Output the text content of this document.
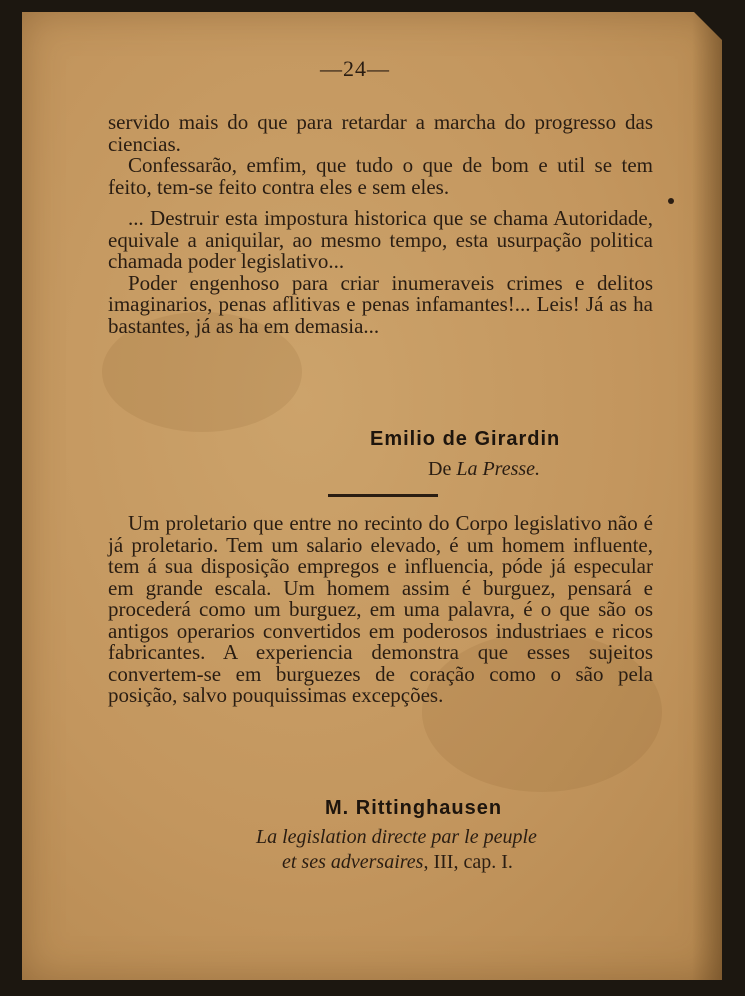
—24—

servido mais do que para retardar a marcha do progresso das ciencias.

Confessarão, emfim, que tudo o que de bom e util se tem feito, tem-se feito contra eles e sem eles.

... Destruir esta impostura historica que se chama Autoridade, equivale a aniquilar, ao mesmo tempo, esta usurpação politica chamada poder legislativo...

Poder engenhoso para criar inumeraveis crimes e delitos imaginarios, penas aflitivas e penas infamantes!... Leis! Já as ha bastantes, já as ha em demasia...

Emilio de Girardin
De La Presse.
Um proletario que entre no recinto do Corpo legislativo não é já proletario. Tem um salario elevado, é um homem influente, tem á sua disposição empregos e influencia, póde já especular em grande escala. Um homem assim é burguez, pensará e procederá como um burguez, em uma palavra, é o que são os antigos operarios convertidos em poderosos industriaes e ricos fabricantes. A experiencia demonstra que esses sujeitos convertem-se em burguezes de coração como o são pela posição, salvo pouquissimas excepções.
M. Rittinghausen
La legislation directe par le peuple
et ses adversaires, III, cap. I.
